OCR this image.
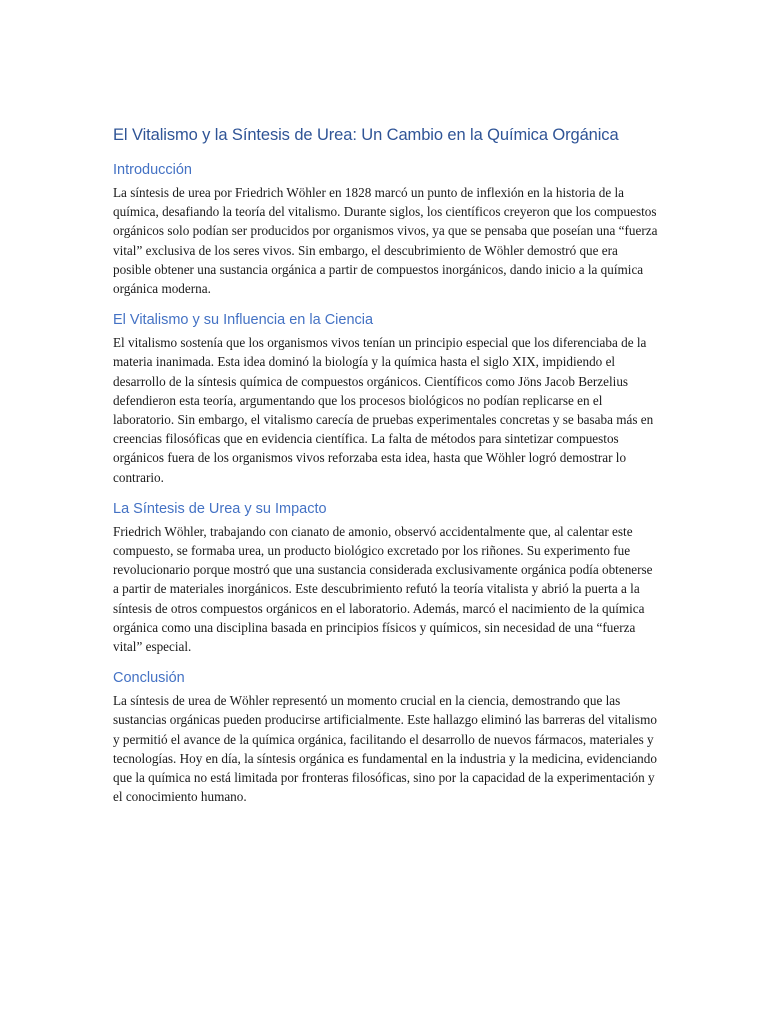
El Vitalismo y la Síntesis de Urea: Un Cambio en la Química Orgánica
Introducción

La síntesis de urea por Friedrich Wöhler en 1828 marcó un punto de inflexión en la historia de la química, desafiando la teoría del vitalismo. Durante siglos, los científicos creyeron que los compuestos orgánicos solo podían ser producidos por organismos vivos, ya que se pensaba que poseían una “fuerza vital” exclusiva de los seres vivos. Sin embargo, el descubrimiento de Wöhler demostró que era posible obtener una sustancia orgánica a partir de compuestos inorgánicos, dando inicio a la química orgánica moderna.

El Vitalismo y su Influencia en la Ciencia

El vitalismo sostenía que los organismos vivos tenían un principio especial que los diferenciaba de la materia inanimada. Esta idea dominó la biología y la química hasta el siglo XIX, impidiendo el desarrollo de la síntesis química de compuestos orgánicos. Científicos como Jöns Jacob Berzelius defendieron esta teoría, argumentando que los procesos biológicos no podían replicarse en el laboratorio. Sin embargo, el vitalismo carecía de pruebas experimentales concretas y se basaba más en creencias filosóficas que en evidencia científica. La falta de métodos para sintetizar compuestos orgánicos fuera de los organismos vivos reforzaba esta idea, hasta que Wöhler logró demostrar lo contrario.

La Síntesis de Urea y su Impacto

Friedrich Wöhler, trabajando con cianato de amonio, observó accidentalmente que, al calentar este compuesto, se formaba urea, un producto biológico excretado por los riñones. Su experimento fue revolucionario porque mostró que una sustancia considerada exclusivamente orgánica podía obtenerse a partir de materiales inorgánicos. Este descubrimiento refutó la teoría vitalista y abrió la puerta a la síntesis de otros compuestos orgánicos en el laboratorio. Además, marcó el nacimiento de la química orgánica como una disciplina basada en principios físicos y químicos, sin necesidad de una “fuerza vital” especial.

Conclusión

La síntesis de urea de Wöhler representó un momento crucial en la ciencia, demostrando que las sustancias orgánicas pueden producirse artificialmente. Este hallazgo eliminó las barreras del vitalismo y permitió el avance de la química orgánica, facilitando el desarrollo de nuevos fármacos, materiales y tecnologías. Hoy en día, la síntesis orgánica es fundamental en la industria y la medicina, evidenciando que la química no está limitada por fronteras filosóficas, sino por la capacidad de la experimentación y el conocimiento humano.
